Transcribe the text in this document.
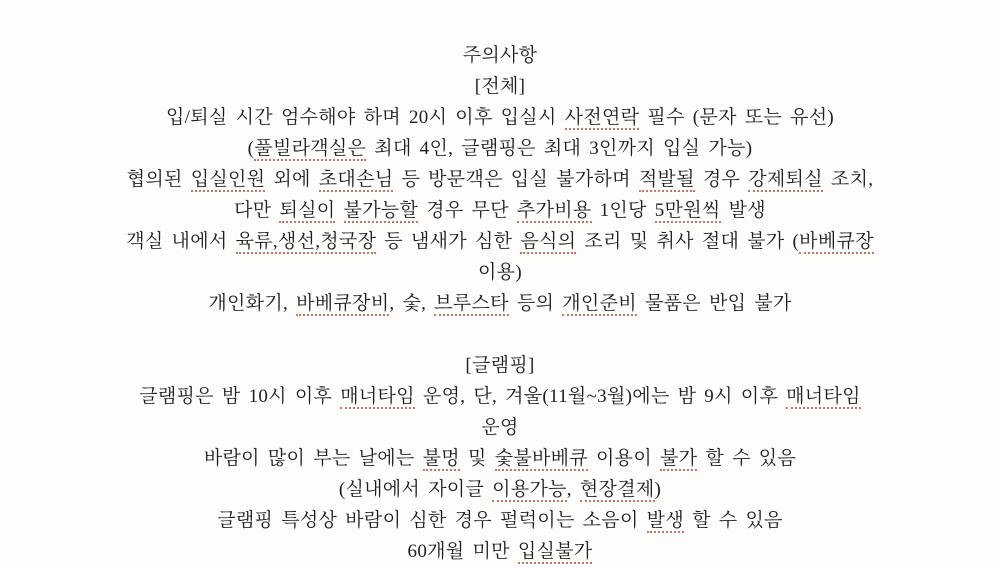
주의사항
[전체]
입/퇴실 시간 엄수해야 하며 20시 이후 입실시 사전연락 필수 (문자 또는 유선)
(풀빌라객실은 최대 4인, 글램핑은 최대 3인까지 입실 가능)
협의된 입실인원 외에 초대손님 등 방문객은 입실 불가하며 적발될 경우 강제퇴실 조치,
다만 퇴실이 불가능할 경우 무단 추가비용 1인당 5만원씩 발생
객실 내에서 육류,생선,청국장 등 냄새가 심한 음식의 조리 및 취사 절대 불가 (바베큐장
이용)
개인화기, 바베큐장비, 숯, 브루스타 등의 개인준비 물품은 반입 불가
[글램핑]
글램핑은 밤 10시 이후 매너타임 운영, 단, 겨울(11월~3월)에는 밤 9시 이후 매너타임
운영
바람이 많이 부는 날에는 불멍 및 숯불바베큐 이용이 불가 할 수 있음
(실내에서 자이글 이용가능, 현장결제)
글램핑 특성상 바람이 심한 경우 펄럭이는 소음이 발생 할 수 있음
60개월 미만 입실불가
